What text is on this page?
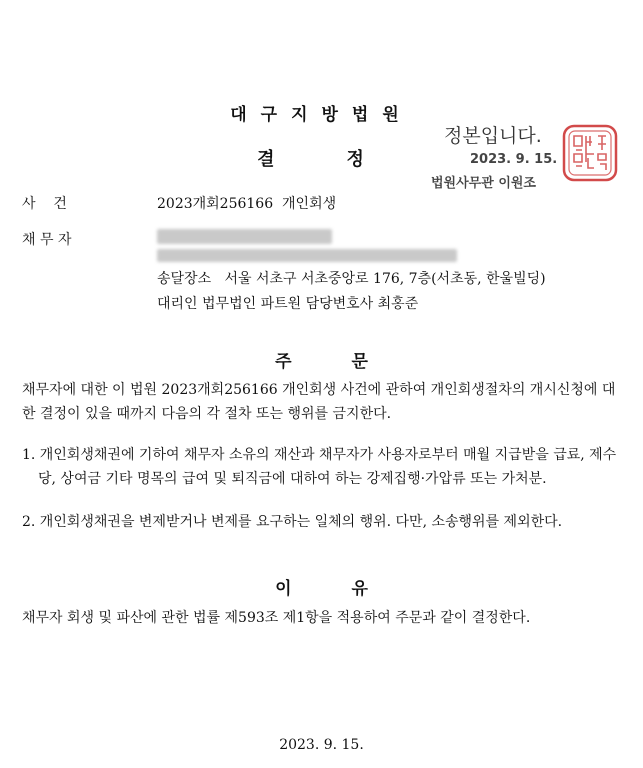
대구지방법원
결정
정본입니다.
2023. 9. 15.
법원사무관 이원조
사    건	2023개회256166  개인회생
채 무 자
송달장소   서울 서초구 서초중앙로 176, 7층(서초동, 한울빌딩)
대리인 법무법인 파트원 담당변호사 최홍준
주문
채무자에 대한 이 법원 2023개회256166 개인회생 사건에 관하여 개인회생절차의 개시신청에 대한 결정이 있을 때까지 다음의 각 절차 또는 행위를 금지한다.
1. 개인회생채권에 기하여 채무자 소유의 재산과 채무자가 사용자로부터 매월 지급받을 급료, 제수당, 상여금 기타 명목의 급여 및 퇴직금에 대하여 하는 강제집행·가압류 또는 가처분.
2. 개인회생채권을 변제받거나 변제를 요구하는 일체의 행위. 다만, 소송행위를 제외한다.
이유
채무자 회생 및 파산에 관한 법률 제593조 제1항을 적용하여 주문과 같이 결정한다.
2023. 9. 15.
